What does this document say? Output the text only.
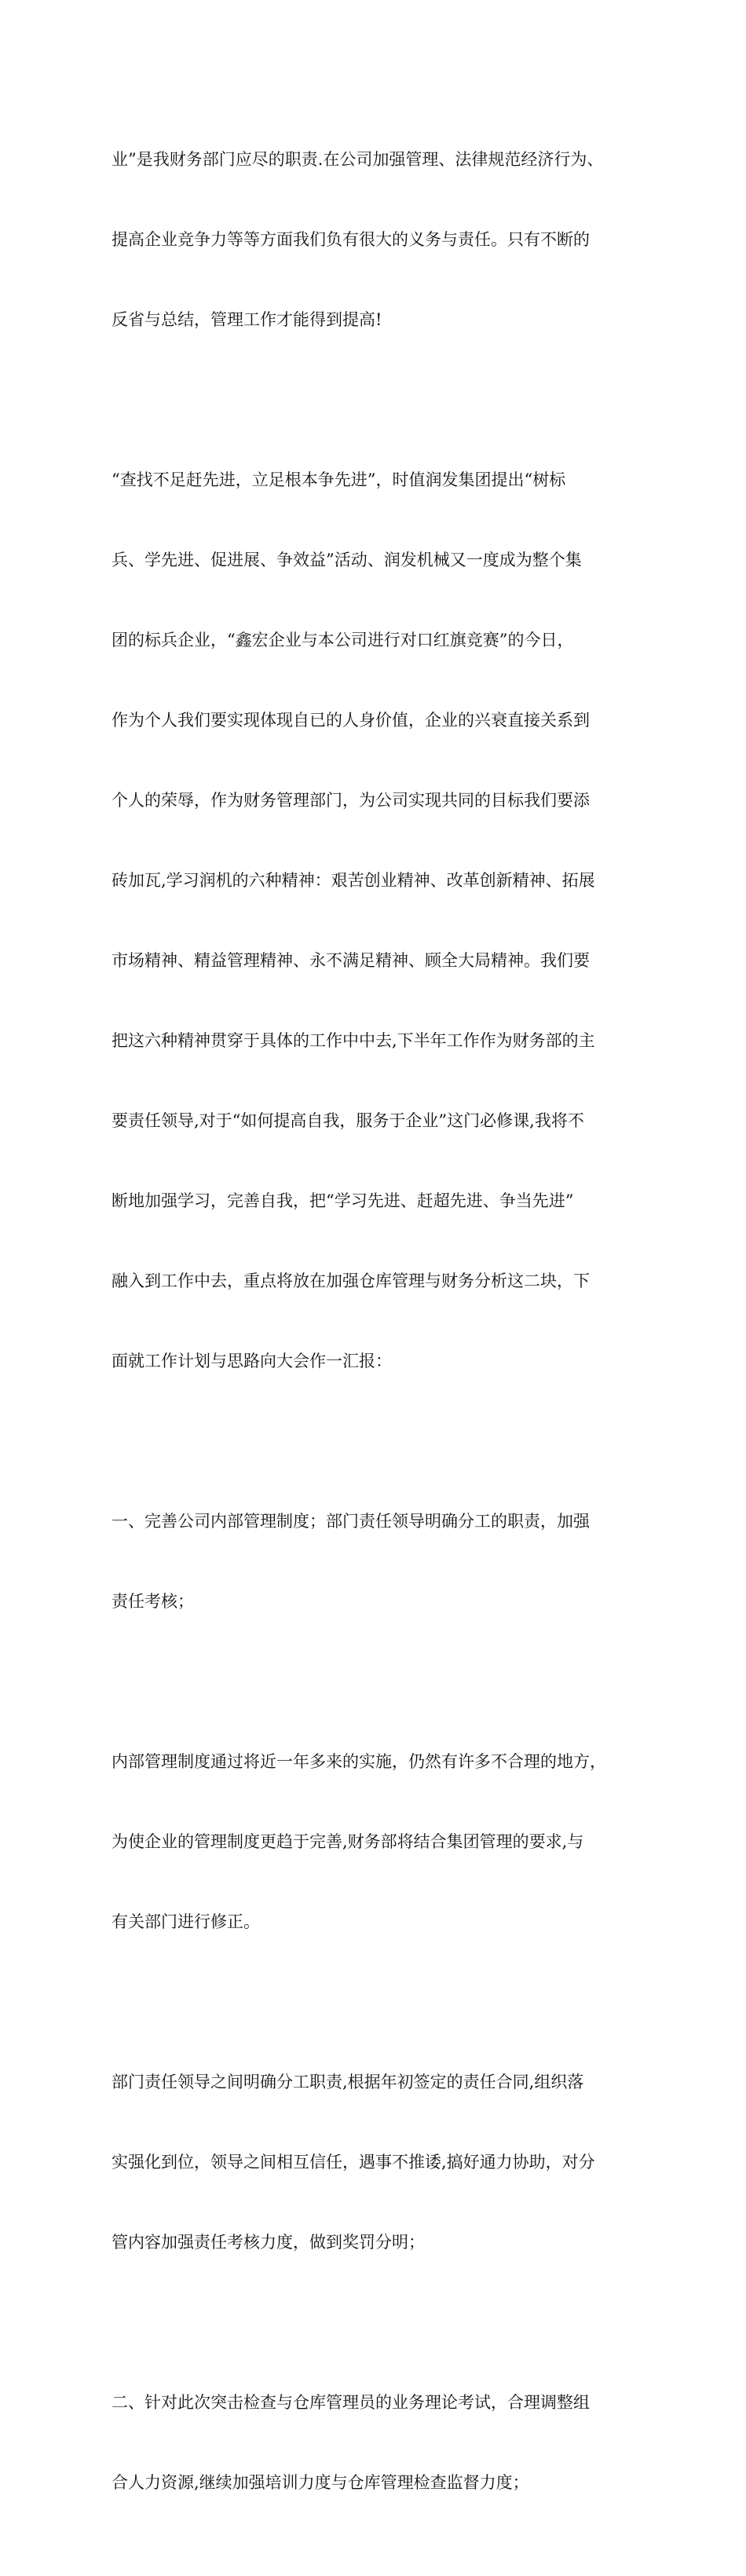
业”是我财务部门应尽的职责.在公司加强管理、法律规范经济行为、

提高企业竞争力等等方面我们负有很大的义务与责任。只有不断的

反省与总结，管理工作才能得到提高!

“查找不足赶先进，立足根本争先进”，时值润发集团提出“树标

兵、学先进、促进展、争效益”活动、润发机械又一度成为整个集

团的标兵企业，“鑫宏企业与本公司进行对口红旗竞赛”的今日，

作为个人我们要实现体现自已的人身价值，企业的兴衰直接关系到

个人的荣辱，作为财务管理部门，为公司实现共同的目标我们要添

砖加瓦,学习润机的六种精神：艰苦创业精神、改革创新精神、拓展

市场精神、精益管理精神、永不满足精神、顾全大局精神。我们要

把这六种精神贯穿于具体的工作中中去,下半年工作作为财务部的主

要责任领导,对于“如何提高自我，服务于企业”这门必修课,我将不

断地加强学习，完善自我，把“学习先进、赶超先进、争当先进”

融入到工作中去，重点将放在加强仓库管理与财务分析这二块，下

面就工作计划与思路向大会作一汇报：

一、完善公司内部管理制度；部门责任领导明确分工的职责，加强

责任考核；

内部管理制度通过将近一年多来的实施，仍然有许多不合理的地方，

为使企业的管理制度更趋于完善,财务部将结合集团管理的要求,与

有关部门进行修正。

部门责任领导之间明确分工职责,根据年初签定的责任合同,组织落

实强化到位，领导之间相互信任，遇事不推诿,搞好通力协助，对分

管内容加强责任考核力度，做到奖罚分明；

二、针对此次突击检查与仓库管理员的业务理论考试，合理调整组

合人力资源,继续加强培训力度与仓库管理检查监督力度；
